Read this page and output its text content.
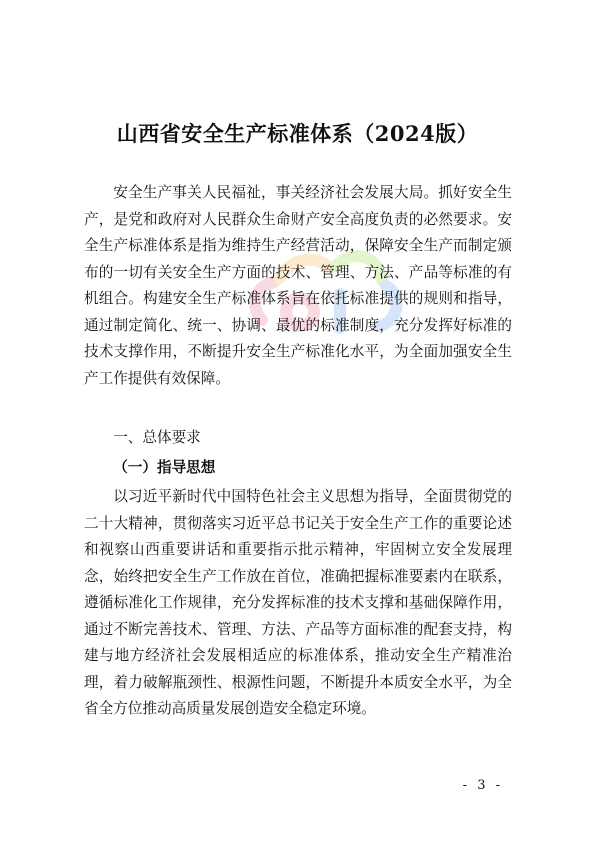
山西省安全生产标准体系（2024版）

安全生产事关人民福祉，事关经济社会发展大局。抓好安全生产，是党和政府对人民群众生命财产安全高度负责的必然要求。安全生产标准体系是指为维持生产经营活动，保障安全生产而制定颁布的一切有关安全生产方面的技术、管理、方法、产品等标准的有机组合。构建安全生产标准体系旨在依托标准提供的规则和指导，通过制定简化、统一、协调、最优的标准制度，充分发挥好标准的技术支撑作用，不断提升安全生产标准化水平，为全面加强安全生产工作提供有效保障。

一、总体要求
（一）指导思想

以习近平新时代中国特色社会主义思想为指导，全面贯彻党的二十大精神，贯彻落实习近平总书记关于安全生产工作的重要论述和视察山西重要讲话和重要指示批示精神，牢固树立安全发展理念，始终把安全生产工作放在首位，准确把握标准要素内在联系，遵循标准化工作规律，充分发挥标准的技术支撑和基础保障作用，通过不断完善技术、管理、方法、产品等方面标准的配套支持，构建与地方经济社会发展相适应的标准体系，推动安全生产精准治理，着力破解瓶颈性、根源性问题，不断提升本质安全水平，为全省全方位推动高质量发展创造安全稳定环境。

- 3 -
